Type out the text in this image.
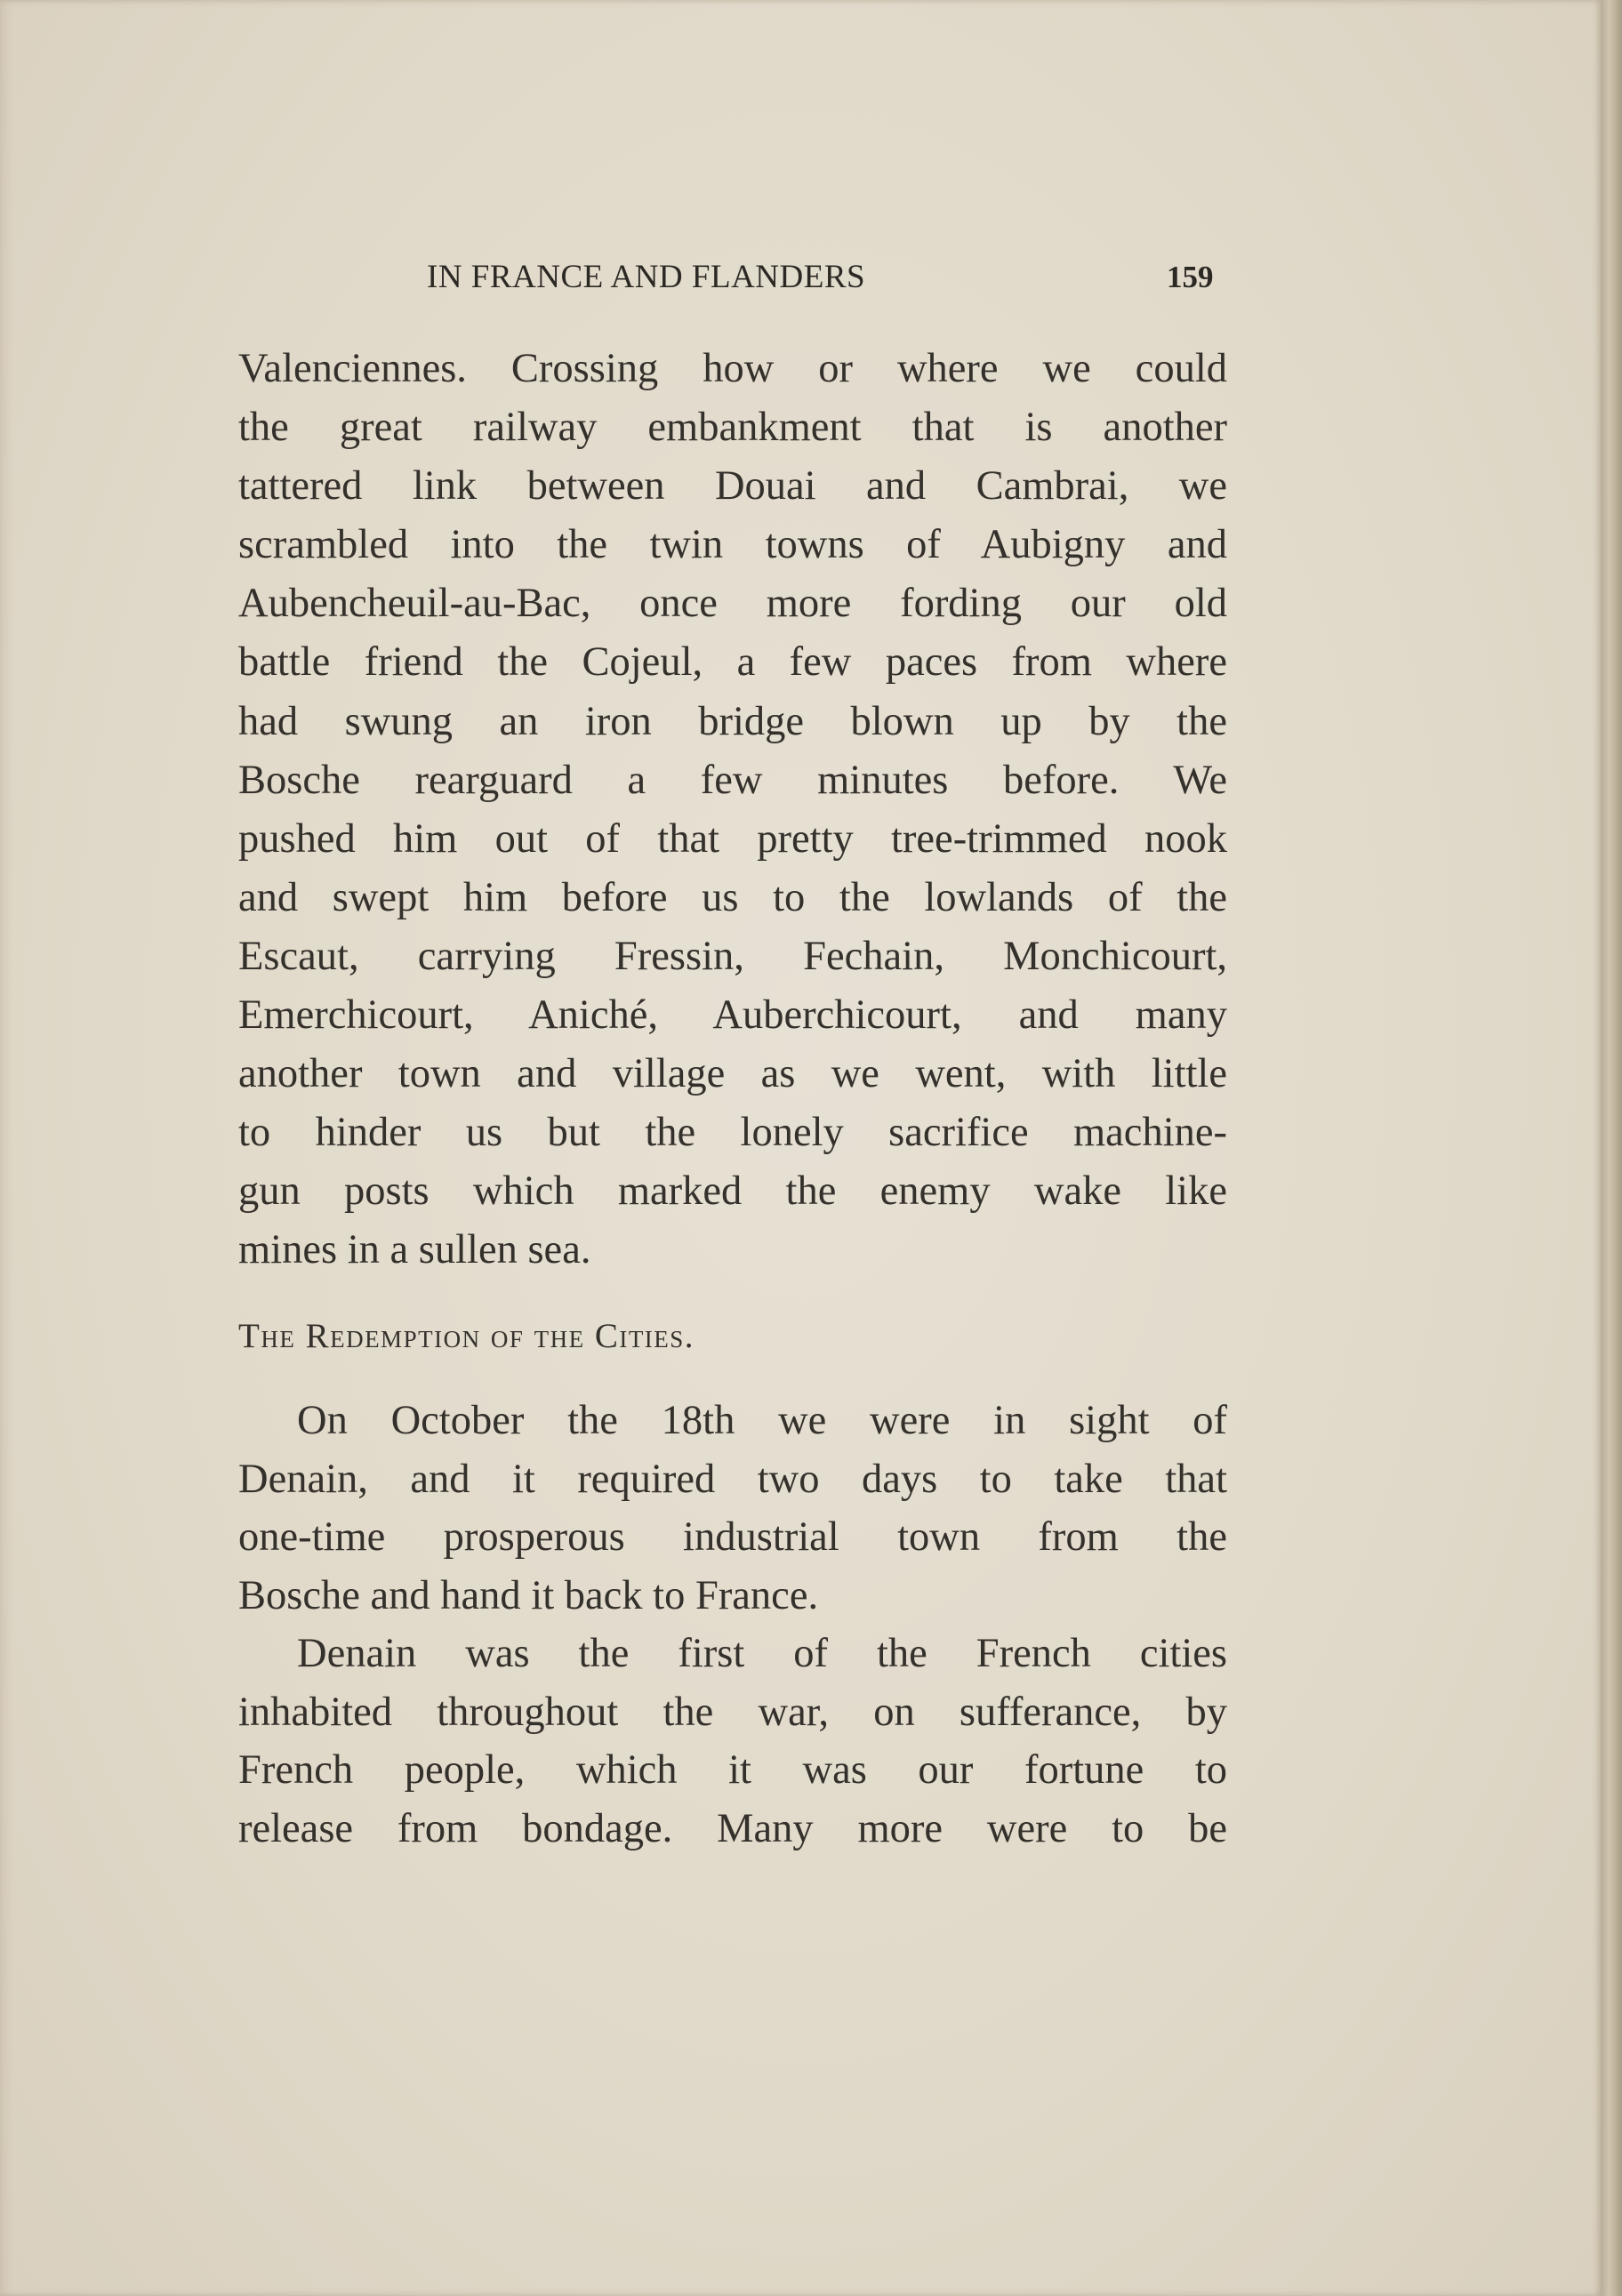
IN FRANCE AND FLANDERS	159
Valenciennes. Crossing how or where we could
the great railway embankment that is another
tattered link between Douai and Cambrai, we
scrambled into the twin towns of Aubigny and
Aubencheuil-au-Bac, once more fording our old
battle friend the Cojeul, a few paces from where
had swung an iron bridge blown up by the
Bosche rearguard a few minutes before. We
pushed him out of that pretty tree-trimmed nook
and swept him before us to the lowlands of the
Escaut, carrying Fressin, Fechain, Monchicourt,
Emerchicourt, Aniché, Auberchicourt, and many
another town and village as we went, with little
to hinder us but the lonely sacrifice machine-
gun posts which marked the enemy wake like
mines in a sullen sea.
The Redemption of the Cities.
On October the 18th we were in sight of
Denain, and it required two days to take that
one-time prosperous industrial town from the
Bosche and hand it back to France.
Denain was the first of the French cities
inhabited throughout the war, on sufferance, by
French people, which it was our fortune to
release from bondage. Many more were to be
